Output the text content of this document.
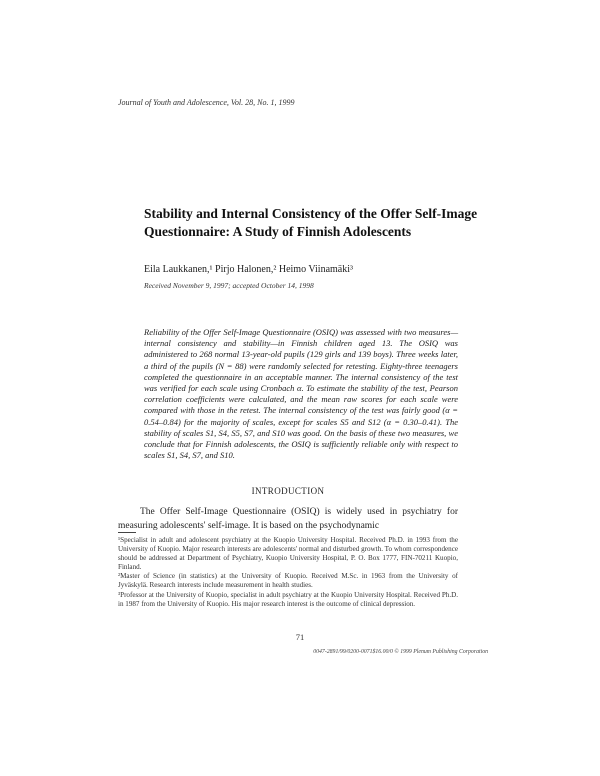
Journal of Youth and Adolescence, Vol. 28, No. 1, 1999
Stability and Internal Consistency of the Offer Self-Image Questionnaire: A Study of Finnish Adolescents
Eila Laukkanen,¹ Pirjo Halonen,² Heimo Viinamäki³
Received November 9, 1997; accepted October 14, 1998

Reliability of the Offer Self-Image Questionnaire (OSIQ) was assessed with two measures—internal consistency and stability—in Finnish children aged 13. The OSIQ was administered to 268 normal 13-year-old pupils (129 girls and 139 boys). Three weeks later, a third of the pupils (N = 88) were randomly selected for retesting. Eighty-three teenagers completed the questionnaire in an acceptable manner. The internal consistency of the test was verified for each scale using Cronbach α. To estimate the stability of the test, Pearson correlation coefficients were calculated, and the mean raw scores for each scale were compared with those in the retest. The internal consistency of the test was fairly good (α = 0.54–0.84) for the majority of scales, except for scales S5 and S12 (α = 0.30–0.41). The stability of scales S1, S4, S5, S7, and S10 was good. On the basis of these two measures, we conclude that for Finnish adolescents, the OSIQ is sufficiently reliable only with respect to scales S1, S4, S7, and S10.

INTRODUCTION

The Offer Self-Image Questionnaire (OSIQ) is widely used in psychiatry for measuring adolescents' self-image. It is based on the psychodynamic

¹Specialist in adult and adolescent psychiatry at the Kuopio University Hospital. Received Ph.D. in 1993 from the University of Kuopio. Major research interests are adolescents' normal and disturbed growth. To whom correspondence should be addressed at Department of Psychiatry, Kuopio University Hospital, P. O. Box 1777, FIN-70211 Kuopio, Finland.

²Master of Science (in statistics) at the University of Kuopio. Received M.Sc. in 1963 from the University of Jyväskylä. Research interests include measurement in health studies.

³Professor at the University of Kuopio, specialist in adult psychiatry at the Kuopio University Hospital. Received Ph.D. in 1987 from the University of Kuopio. His major research interest is the outcome of clinical depression.

71
0047-2891/99/0200-0071$16.00/0 © 1999 Plenum Publishing Corporation
